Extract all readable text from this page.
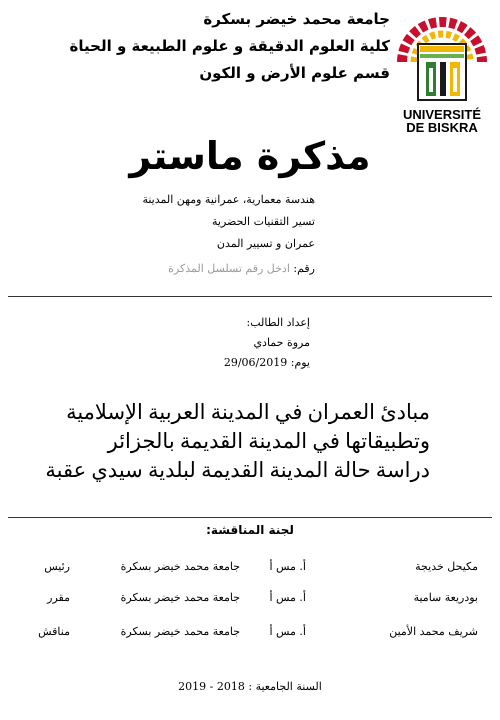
جامعة محمد خيضر بسكرة
كلية العلوم الدقيقة و علوم الطبيعة و الحياة
قسم علوم الأرض و الكون
UNIVERSITÉ
DE BISKRA
مذكرة ماستر
هندسة معمارية، عمرانية ومهن المدينة
تسير التقنيات الحضرية
عمران و تسيير المدن
رقم: ادخل رقم تسلسل المذكرة
إعداد الطالب:
مروة حمادي
يوم: 29/06/2019
مبادئ العمران في المدينة العربية الإسلامية
وتطبيقاتها في المدينة القديمة بالجزائر
دراسة حالة المدينة القديمة لبلدية سيدي عقبة
لجنة المناقشة:
مكيحل خديجة
أ. مس أ
جامعة محمد خيضر بسكرة
رئيس
بودريعة سامية
أ. مس أ
جامعة محمد خيضر بسكرة
مقرر
شريف محمد الأمين
أ. مس أ
جامعة محمد خيضر بسكرة
مناقش
السنة الجامعية : 2018 - 2019
